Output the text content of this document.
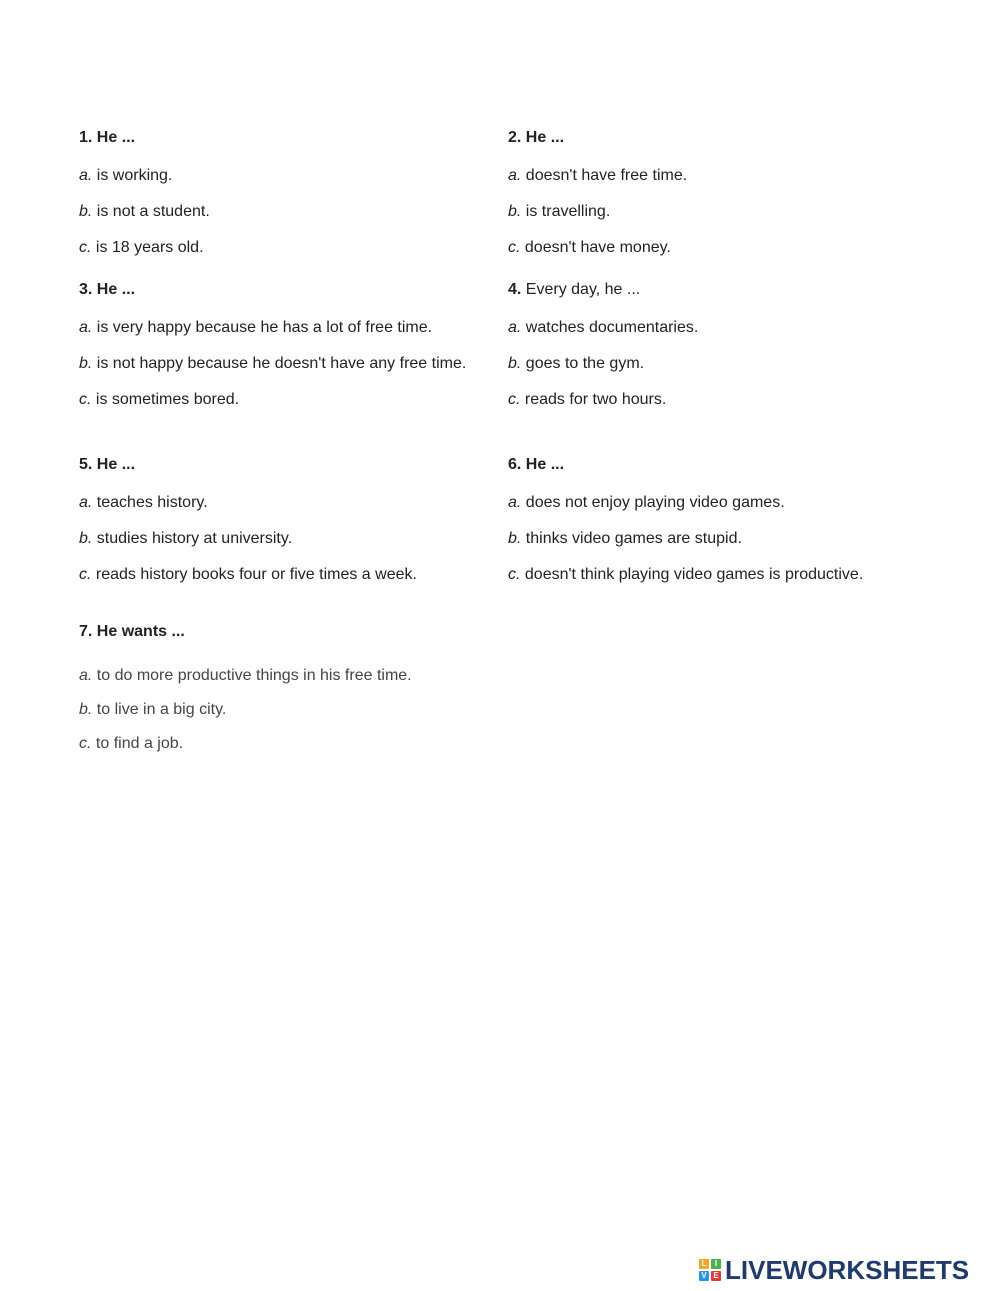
1. He ...
a. is working.
b. is not a student.
c. is 18 years old.
2. He ...
a. doesn't have free time.
b. is travelling.
c. doesn't have money.
3. He ...
a. is very happy because he has a lot of free time.
b. is not happy because he doesn't have any free time.
c. is sometimes bored.
4. Every day, he ...
a. watches documentaries.
b. goes to the gym.
c. reads for two hours.
5. He ...
a. teaches history.
b. studies history at university.
c. reads history books four or five times a week.
6. He ...
a. does not enjoy playing video games.
b. thinks video games are stupid.
c. doesn't think playing video games is productive.
7. He wants ...
a. to do more productive things in his free time.
b. to live in a big city.
c. to find a job.
L	I
V E LIVEWORKSHEETS
